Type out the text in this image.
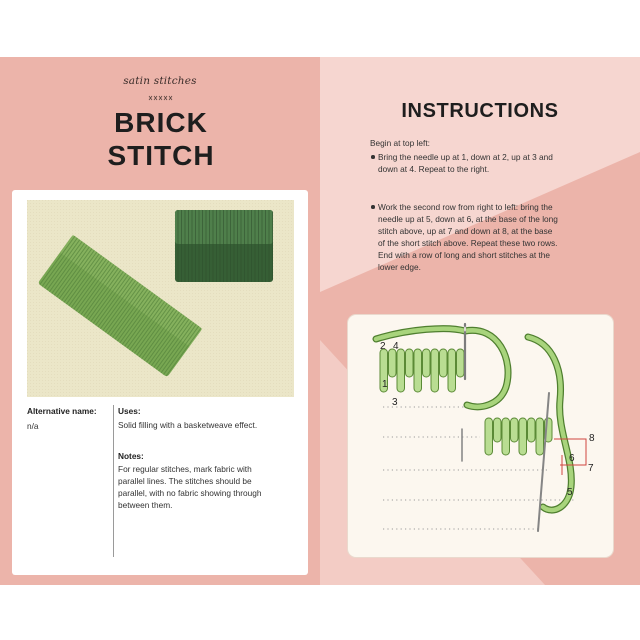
satin stitches
BRICK
STITCH
Alternative name:
n/a
Uses:
Solid filling with a basketweave effect.
Notes:
For regular stitches, mark fabric with
parallel lines. The stitches should be
parallel, with no fabric showing through
between them.
INSTRUCTIONS
Begin at top left:
Bring the needle up at 1, down at 2, up at 3 and
down at 4. Repeat to the right.
Work the second row from right to left: bring the
needle up at 5, down at 6, at the base of the long
stitch above, up at 7 and down at 8, at the base
of the short stitch above. Repeat these two rows.
End with a row of long and short stitches at the
lower edge.
2 4
1
3
8
6
7
5
